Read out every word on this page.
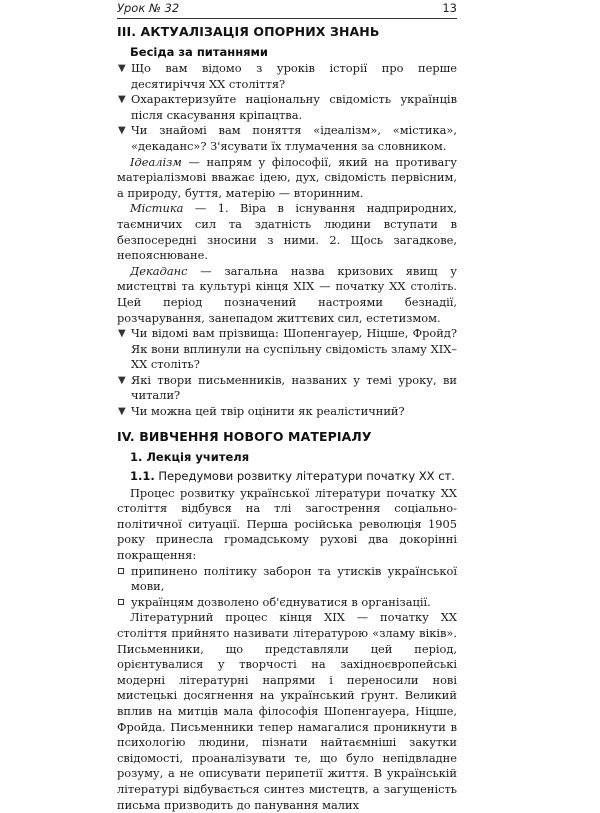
Урок № 32	13
ІІІ. АКТУАЛІЗАЦІЯ ОПОРНИХ ЗНАНЬ
Бесіда за питаннями
▼ Що вам відомо з уроків історії про перше десятиріччя XX століття?
▼ Охарактеризуйте національну свідомість українців після скасування кріпацтва.
▼ Чи знайомі вам поняття «ідеалізм», «містика», «декаданс»? З'ясувати їх тлумачення за словником.
Ідеалізм — напрям у філософії, який на противагу матеріалізмові вважає ідею, дух, свідомість первісним, а природу, буття, матерію — вторинним.
Містика — 1. Віра в існування надприродних, таємничих сил та здатність людини вступати в безпосередні зносини з ними. 2. Щось загадкове, непояснюване.
Декаданс — загальна назва кризових явищ у мистецтві та культурі кінця XIX — початку XX століть. Цей період позначений настроями безнадії, розчарування, занепадом життєвих сил, естетизмом.
▼ Чи відомі вам прізвища: Шопенгауер, Ніцше, Фройд? Як вони вплинули на суспільну свідомість зламу XIX–XX століть?
▼ Які твори письменників, названих у темі уроку, ви читали?
▼ Чи можна цей твір оцінити як реалістичний?
IV. ВИВЧЕННЯ НОВОГО МАТЕРІАЛУ
1. Лекція учителя
1.1. Передумови розвитку літератури початку XX ст.
Процес розвитку української літератури початку XX століття відбувся на тлі загострення соціально-політичної ситуації. Перша російська революція 1905 року принесла громадському рухові два докорінні покращення:
припинено політику заборон та утисків української мови,
українцям дозволено об'єднуватися в організації.
Літературний процес кінця XIX — початку XX століття прийнято називати літературою «зламу віків». Письменники, що представляли цей період, орієнтувалися у творчості на західноєвропейські модерні літературні напрями і переносили нові мистецькі досягнення на український ґрунт. Великий вплив на митців мала філософія Шопенгауера, Ніцше, Фройда. Письменники тепер намагалися проникнути в психологію людини, пізнати найтаємніші закутки свідомості, проаналізувати те, що було непідвладне розуму, а не описувати перипетії життя. В українській літературі відбувається синтез мистецтв, а загущеність письма призводить до панування малих
